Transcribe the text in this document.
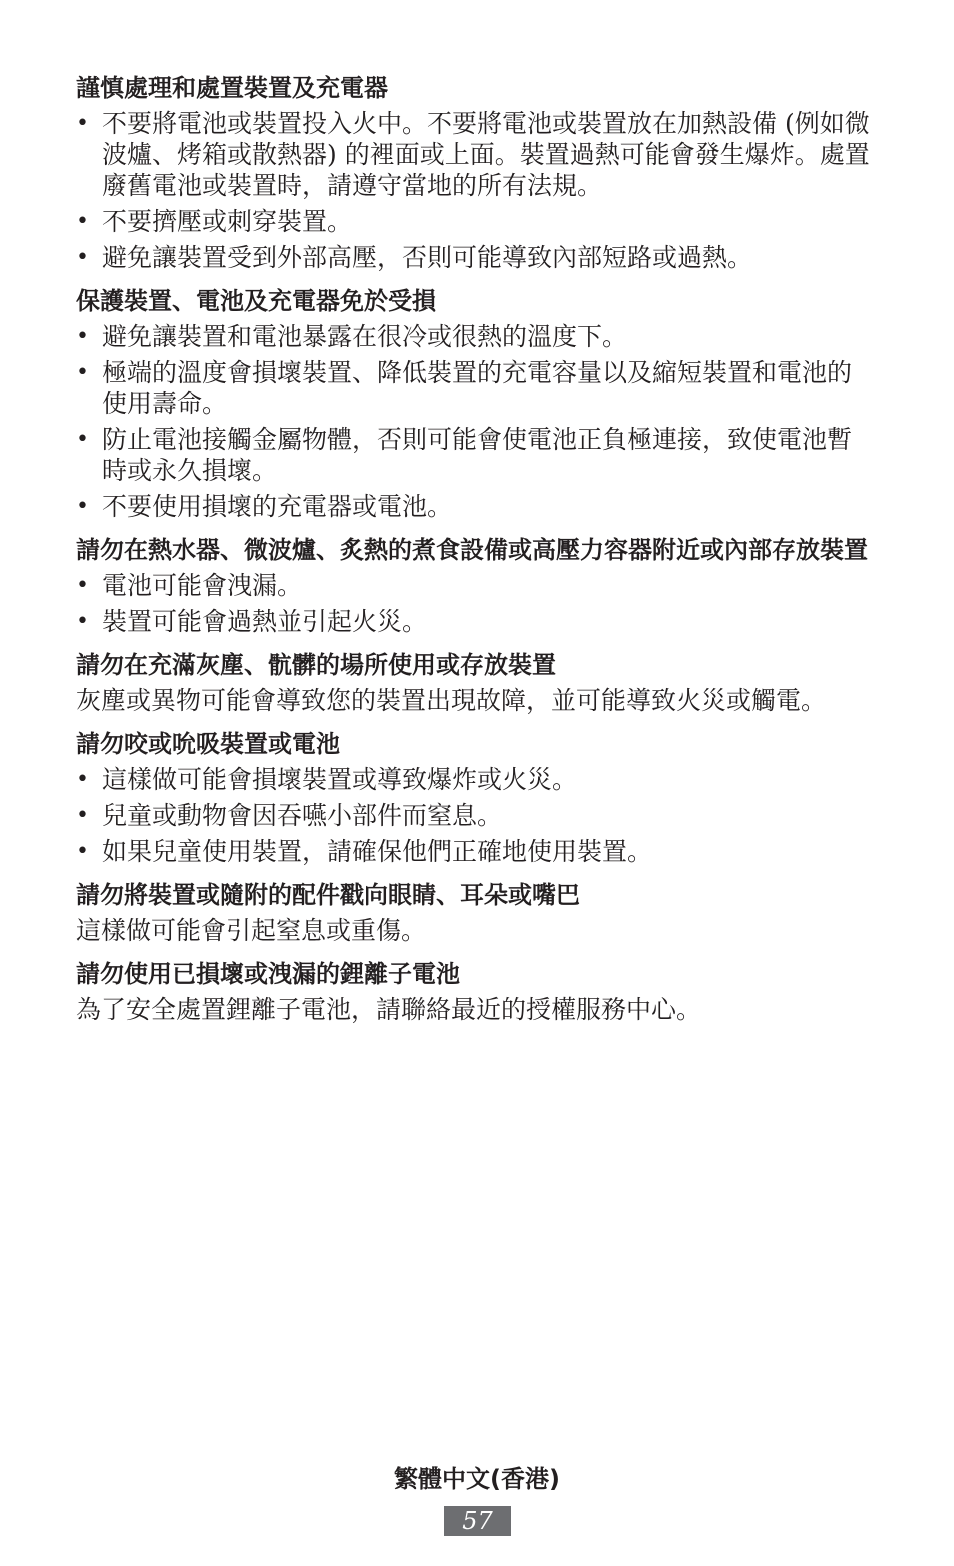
謹慎處理和處置裝置及充電器
• 不要將電池或裝置投入火中。不要將電池或裝置放在加熱設備 (例如微波爐、烤箱或散熱器) 的裡面或上面。裝置過熱可能會發生爆炸。處置廢舊電池或裝置時，請遵守當地的所有法規。
• 不要擠壓或刺穿裝置。
• 避免讓裝置受到外部高壓，否則可能導致內部短路或過熱。
保護裝置、電池及充電器免於受損
• 避免讓裝置和電池暴露在很冷或很熱的溫度下。
• 極端的溫度會損壞裝置、降低裝置的充電容量以及縮短裝置和電池的使用壽命。
• 防止電池接觸金屬物體，否則可能會使電池正負極連接，致使電池暫時或永久損壞。
• 不要使用損壞的充電器或電池。
請勿在熱水器、微波爐、炙熱的煮食設備或高壓力容器附近或內部存放裝置
• 電池可能會洩漏。
• 裝置可能會過熱並引起火災。
請勿在充滿灰塵、骯髒的場所使用或存放裝置

灰塵或異物可能會導致您的裝置出現故障，並可能導致火災或觸電。

請勿咬或吮吸裝置或電池
• 這樣做可能會損壞裝置或導致爆炸或火災。
• 兒童或動物會因吞嚥小部件而窒息。
• 如果兒童使用裝置，請確保他們正確地使用裝置。
請勿將裝置或隨附的配件戳向眼睛、耳朵或嘴巴

這樣做可能會引起窒息或重傷。

請勿使用已損壞或洩漏的鋰離子電池

為了安全處置鋰離子電池，請聯絡最近的授權服務中心。

繁體中文(香港)
57
